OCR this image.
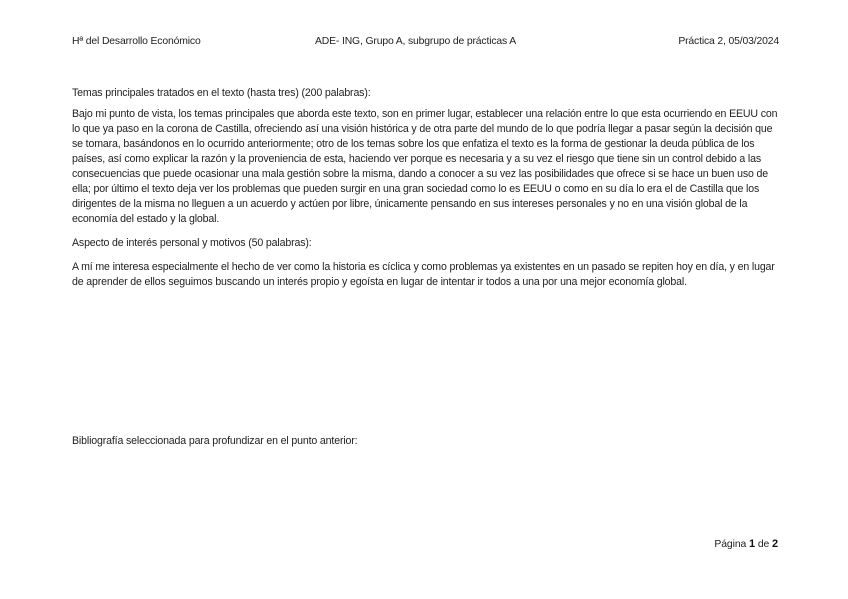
Hª del Desarrollo Económico	ADE- ING, Grupo A, subgrupo de prácticas A	Práctica 2, 05/03/2024

Temas principales tratados en el texto (hasta tres) (200 palabras):

Bajo mi punto de vista, los temas principales que aborda este texto, son en primer lugar, establecer una relación entre lo que esta ocurriendo en EEUU con lo que ya paso en la corona de Castilla, ofreciendo así una visión histórica y de otra parte del mundo de lo que podría llegar a pasar según la decisión que se tomara, basándonos en lo ocurrido anteriormente; otro de los temas sobre los que enfatiza el texto es la forma de gestionar la deuda pública de los países, así como explicar la razón y la proveniencia de esta, haciendo ver porque es necesaria y a su vez el riesgo que tiene sin un control debido a las consecuencias que puede ocasionar una mala gestión sobre la misma, dando a conocer a su vez las posibilidades que ofrece si se hace un buen uso de ella; por último el texto deja ver los problemas que pueden surgir en una gran sociedad como lo es EEUU o como en su día lo era el de Castilla que los dirigentes de la misma no lleguen a un acuerdo y actúen por libre, únicamente pensando en sus intereses personales y no en una visión global de la economía del estado y la global.

Aspecto de interés personal y motivos (50 palabras):

A mí me interesa especialmente el hecho de ver como la historia es cíclica y como problemas ya existentes en un pasado se repiten hoy en día, y en lugar de aprender de ellos seguimos buscando un interés propio y egoísta en lugar de intentar ir todos a una por una mejor economía global.

Bibliografía seleccionada para profundizar en el punto anterior:
Página 1 de 2
